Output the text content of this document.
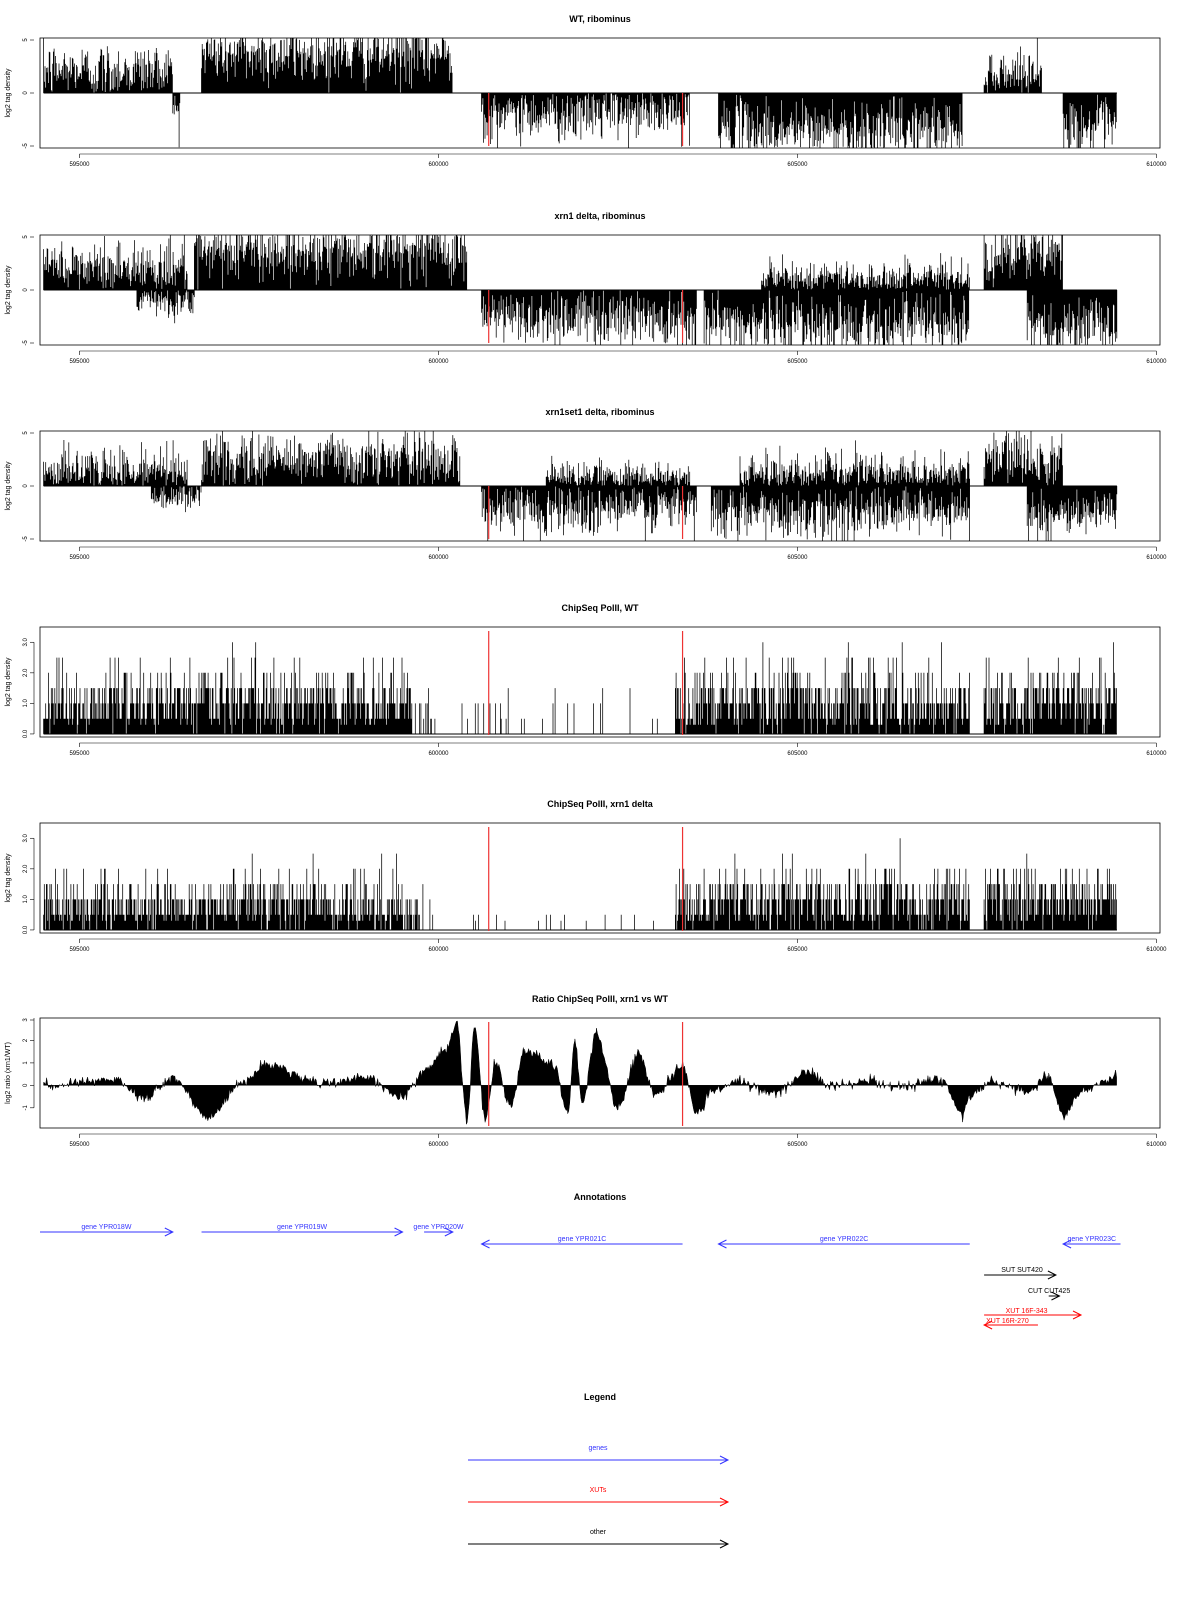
WT, ribominus
595000	600000	605000	610000
-5
0
5
log2 tag density
xrn1 delta, ribominus
595000	600000	605000	610000
-5
0
5
log2 tag density
xrn1set1 delta, ribominus
595000	600000	605000	610000
-5
0
5
log2 tag density
ChipSeq PolII, WT
595000	600000	605000	610000
0.0
1.0
2.0
3.0
log2 tag density
ChipSeq PolII, xrn1 delta
595000	600000	605000	610000
0.0
1.0
2.0
3.0
log2 tag density
Ratio ChipSeq PolII, xrn1 vs WT
595000	600000	605000	610000
-1
0
1
2
3
log2 ratio (xrn1/WT)
Annotations
gene YPR018W	gene YPR019W	gene YPR020W
gene YPR021C	gene YPR022C	gene YPR023C
SUT SUT420
CUT CUT425
XUT 16F-343
XUT 16R-270
Legend
genes
XUTs
other
